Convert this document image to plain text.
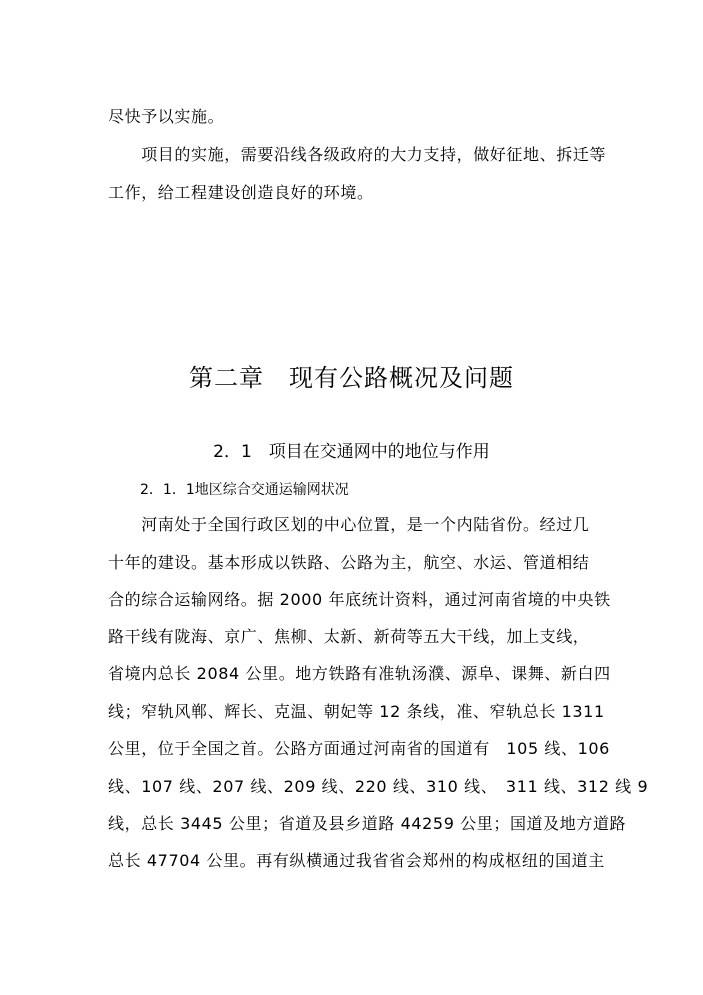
尽快予以实施。
　　项目的实施，需要沿线各级政府的大力支持，做好征地、拆迁等
工作，给工程建设创造良好的环境。
第二章　现有公路概况及问题
2．1　项目在交通网中的地位与作用
2．1．1地区综合交通运输网状况
　　河南处于全国行政区划的中心位置，是一个内陆省份。经过几
十年的建设。基本形成以铁路、公路为主，航空、水运、管道相结
合的综合运输网络。据 2000 年底统计资料，通过河南省境的中央铁
路干线有陇海、京广、焦柳、太新、新荷等五大干线，加上支线，
省境内总长 2084 公里。地方铁路有准轨汤濮、源阜、课舞、新白四
线；窄轨风郸、辉长、克温、朝妃等 12 条线，准、窄轨总长 1311
公里，位于全国之首。公路方面通过河南省的国道有　105 线、106
线、107 线、207 线、209 线、220 线、310 线、　311 线、312 线 9
线，总长 3445 公里；省道及县乡道路 44259 公里；国道及地方道路
总长 47704 公里。再有纵横通过我省省会郑州的构成枢纽的国道主
